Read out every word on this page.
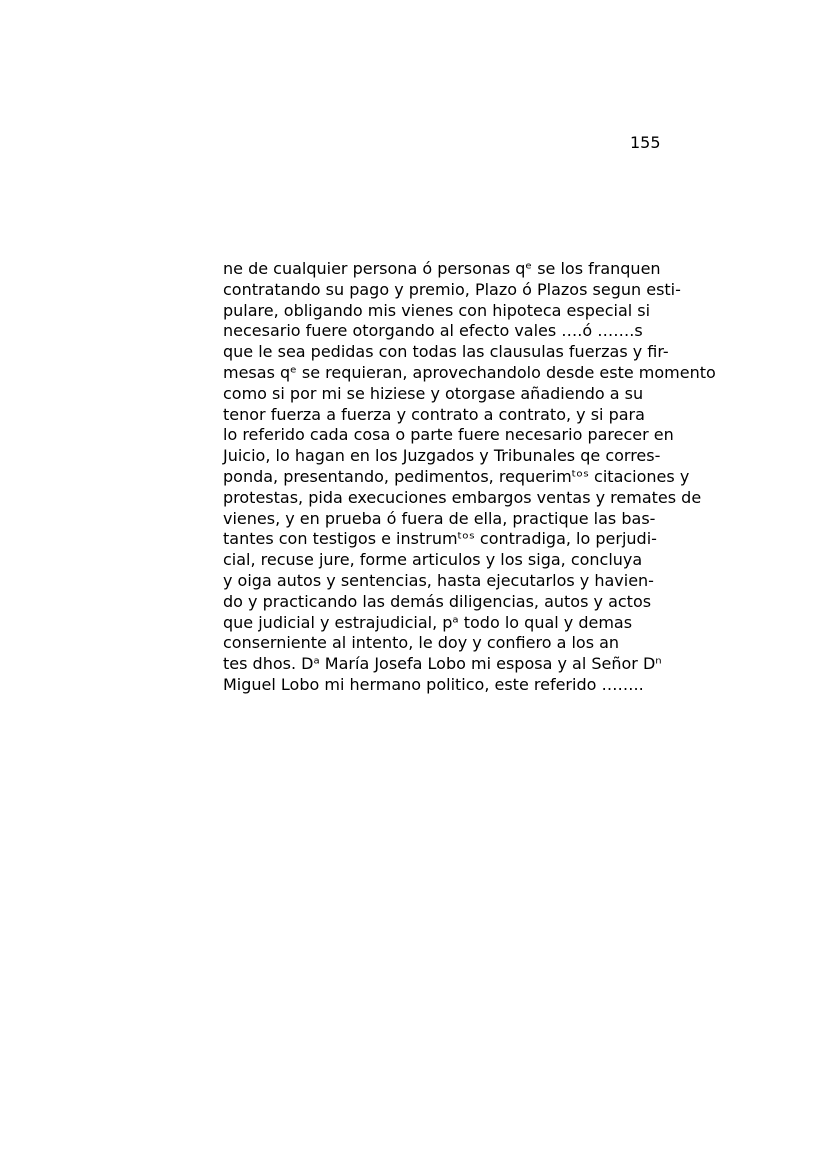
155
ne de cualquier persona ó personas qᵉ se los franquen
contratando su pago y premio, Plazo ó Plazos segun esti-
pulare, obligando mis vienes con hipoteca especial si
necesario fuere otorgando al efecto vales ….ó …….s
que le sea pedidas con todas las clausulas fuerzas y fir-
mesas qᵉ se requieran, aprovechandolo desde este momento
como si por mi se hiziese y otorgase añadiendo a su
tenor fuerza a fuerza y contrato a contrato, y si para
lo referido cada cosa o parte fuere necesario parecer en
Juicio, lo hagan en los Juzgados y Tribunales qe corres-
ponda, presentando, pedimentos, requerimᵗᵒˢ citaciones y
protestas, pida execuciones embargos ventas y remates de
vienes, y en prueba ó fuera de ella, practique las bas-
tantes con testigos e instrumᵗᵒˢ contradiga, lo perjudi-
cial, recuse jure, forme articulos y los siga, concluya
y oiga autos y sentencias, hasta ejecutarlos y havien-
do y practicando las demás diligencias, autos y actos
que judicial y estrajudicial, pᵃ todo lo qual y demas
conserniente al intento, le doy y confiero a los an
tes dhos. Dᵃ María Josefa Lobo mi esposa y al Señor Dⁿ
Miguel Lobo mi hermano politico, este referido ……..
